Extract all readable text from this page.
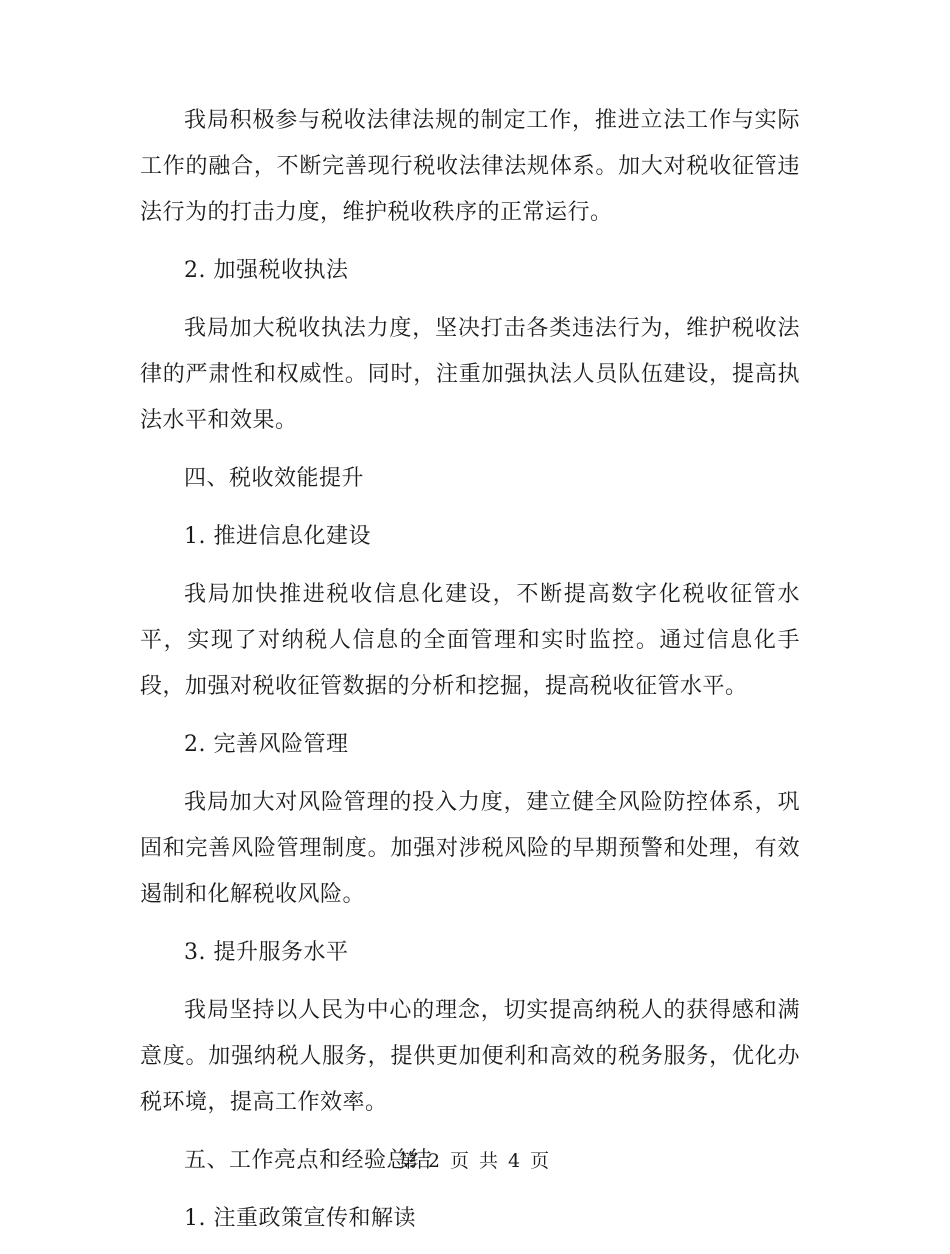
我局积极参与税收法律法规的制定工作，推进立法工作与实际工作的融合，不断完善现行税收法律法规体系。加大对税收征管违法行为的打击力度，维护税收秩序的正常运行。

2. 加强税收执法

我局加大税收执法力度，坚决打击各类违法行为，维护税收法律的严肃性和权威性。同时，注重加强执法人员队伍建设，提高执法水平和效果。

四、税收效能提升

1. 推进信息化建设

我局加快推进税收信息化建设，不断提高数字化税收征管水平，实现了对纳税人信息的全面管理和实时监控。通过信息化手段，加强对税收征管数据的分析和挖掘，提高税收征管水平。

2. 完善风险管理

我局加大对风险管理的投入力度，建立健全风险防控体系，巩固和完善风险管理制度。加强对涉税风险的早期预警和处理，有效遏制和化解税收风险。

3. 提升服务水平

我局坚持以人民为中心的理念，切实提高纳税人的获得感和满意度。加强纳税人服务，提供更加便利和高效的税务服务，优化办税环境，提高工作效率。

五、工作亮点和经验总结

1. 注重政策宣传和解读

第 2 页 共 4 页
